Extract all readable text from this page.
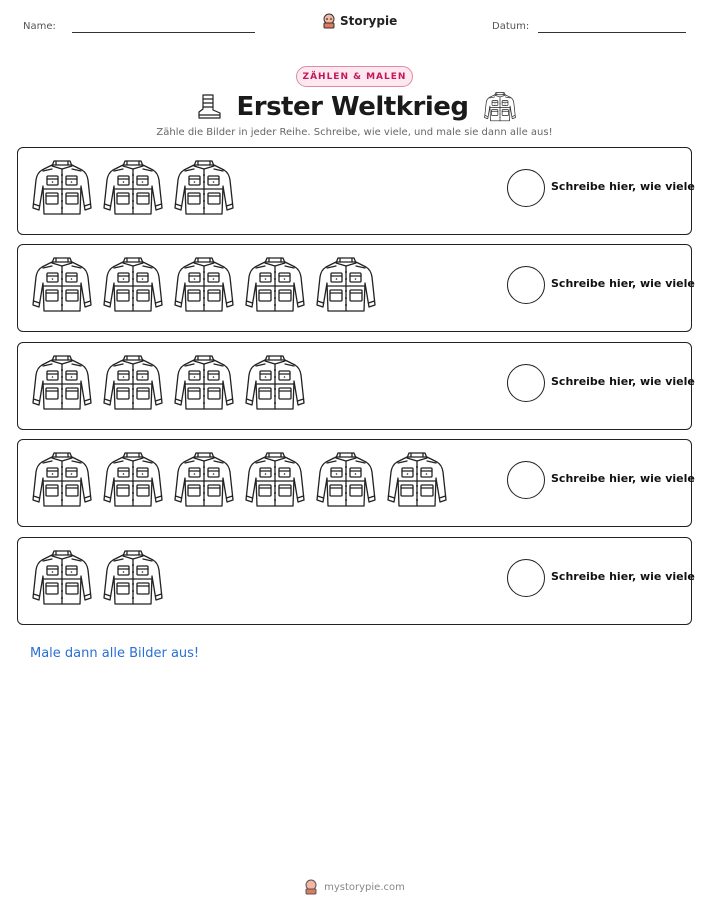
Name:	Storypie	Datum:
ZÄHLEN & MALEN
Erster Weltkrieg
Zähle die Bilder in jeder Reihe. Schreibe, wie viele, und male sie dann alle aus!
Schreibe hier, wie viele
Schreibe hier, wie viele
Schreibe hier, wie viele
Schreibe hier, wie viele
Schreibe hier, wie viele
Male dann alle Bilder aus!
mystorypie.com
